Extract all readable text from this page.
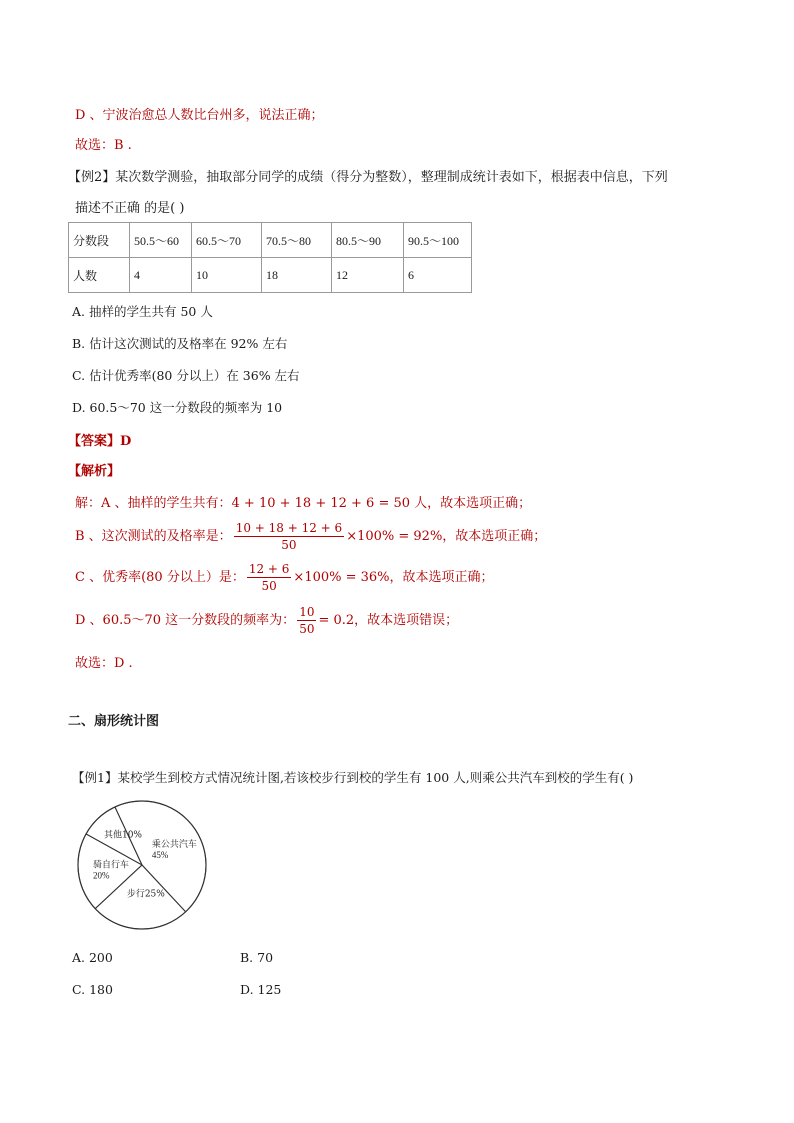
D 、宁波治愈总人数比台州多，说法正确；
故选：B .
【例2】某次数学测验，抽取部分同学的成绩（得分为整数），整理制成统计表如下，根据表中信息，下列
描述不正确 的是( )
分数段	50.5～60	60.5～70	70.5～80	80.5～90	90.5～100
人数	4	10	18	12	6
A. 抽样的学生共有 50 人
B. 估计这次测试的及格率在 92% 左右
C. 估计优秀率(80 分以上）在 36% 左右
D. 60.5～70 这一分数段的频率为 10
【答案】D
【解析】
解：A 、抽样的学生共有：4 + 10 + 18 + 12 + 6 = 50 人，故本选项正确；
B 、这次测试的及格率是： $\frac{10 + 18 + 12 + 6}{50} \times 100\% = 92\%$，故本选项正确；
C 、优秀率(80 分以上）是： $\frac{12 + 6}{50} \times 100\% = 36\%$，故本选项正确；
D 、60.5～70 这一分数段的频率为： $\frac{10}{50} = 0.2$，故本选项错误；
故选：D .
二、扇形统计图
【例1】某校学生到校方式情况统计图,若该校步行到校的学生有 100 人,则乘公共汽车到校的学生有( )
乘公共汽车
45%
步行25%
骑自行车
20%
其他10%
A. 200	B. 70
C. 180	D. 125
